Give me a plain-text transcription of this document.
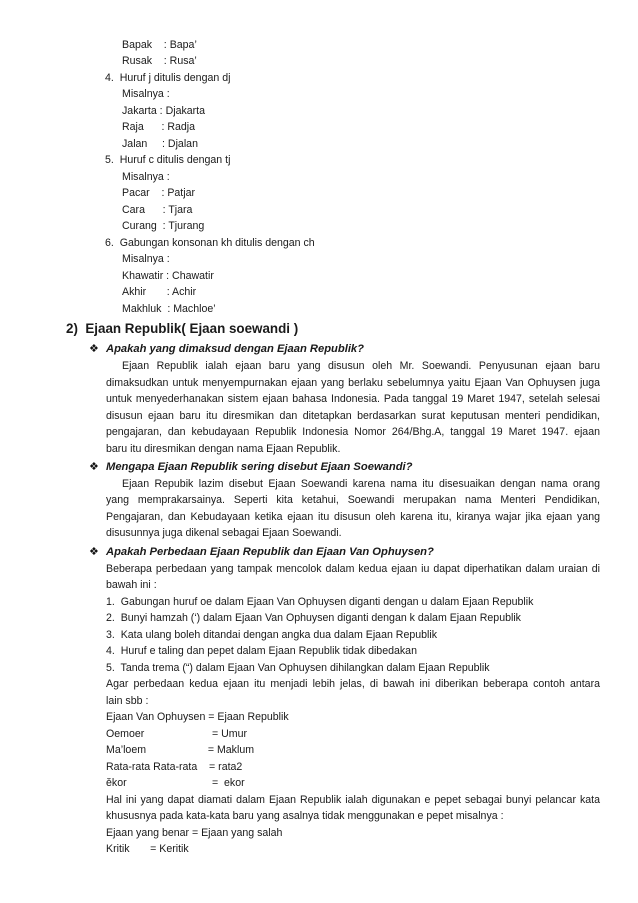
Bapak    : Bapa’
Rusak    : Rusa’
4.  Huruf j ditulis dengan dj
Misalnya :
Jakarta : Djakarta
Raja      : Radja
Jalan     : Djalan
5.  Huruf c ditulis dengan tj
Misalnya :
Pacar    : Patjar
Cara      : Tjara
Curang  : Tjurang
6.  Gabungan konsonan kh ditulis dengan ch
Misalnya :
Khawatir : Chawatir
Akhir       : Achir
Makhluk  : Machloe’
2)  Ejaan Republik( Ejaan soewandi )
❖ Apakah yang dimaksud dengan Ejaan Republik?
Ejaan Republik ialah ejaan baru yang disusun oleh Mr. Soewandi. Penyusunan ejaan baru
dimaksudkan untuk menyempurnakan ejaan yang berlaku sebelumnya yaitu Ejaan Van Ophuysen juga
untuk menyederhanakan sistem ejaan bahasa Indonesia. Pada tanggal 19 Maret 1947, setelah selesai
disusun ejaan baru itu diresmikan dan ditetapkan berdasarkan surat keputusan menteri pendidikan,
pengajaran, dan kebudayaan Republik Indonesia Nomor 264/Bhg.A, tanggal 19 Maret 1947. ejaan
baru itu diresmikan dengan nama Ejaan Republik.
❖ Mengapa Ejaan Republik sering disebut Ejaan Soewandi?
Ejaan Repubik lazim disebut Ejaan Soewandi karena nama itu disesuaikan dengan nama orang
yang memprakarsainya. Seperti kita ketahui, Soewandi merupakan nama Menteri Pendidikan,
Pengajaran, dan Kebudayaan ketika ejaan itu disusun oleh karena itu, kiranya wajar jika ejaan yang
disusunnya juga dikenal sebagai Ejaan Soewandi.
❖ Apakah Perbedaan Ejaan Republik dan Ejaan Van Ophuysen?
Beberapa perbedaan yang tampak mencolok dalam kedua ejaan iu dapat diperhatikan dalam uraian di
bawah ini :
1.  Gabungan huruf oe dalam Ejaan Van Ophuysen diganti dengan u dalam Ejaan Republik
2.  Bunyi hamzah (‘) dalam Ejaan Van Ophuysen diganti dengan k dalam Ejaan Republik
3.  Kata ulang boleh ditandai dengan angka dua dalam Ejaan Republik
4.  Huruf e taling dan pepet dalam Ejaan Republik tidak dibedakan
5.  Tanda trema (“) dalam Ejaan Van Ophuysen dihilangkan dalam Ejaan Republik
Agar perbedaan kedua ejaan itu menjadi lebih jelas, di bawah ini diberikan beberapa contoh antara
lain sbb :
Ejaan Van Ophuysen = Ejaan Republik
Oemoer                       = Umur
Ma’loem                     = Maklum
Rata-rata Rata-rata    = rata2
ĕkor                             =  ekor
Hal ini yang dapat diamati dalam Ejaan Republik ialah digunakan e pepet sebagai bunyi pelancar kata
khususnya pada kata-kata baru yang asalnya tidak menggunakan e pepet misalnya :
Ejaan yang benar = Ejaan yang salah
Kritik       = Keritik
